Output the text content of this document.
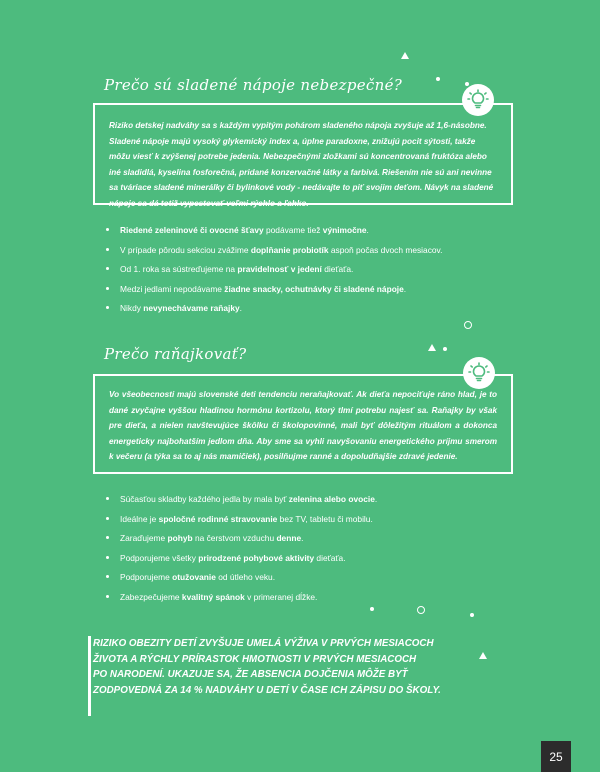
Prečo sú sladené nápoje nebezpečné?

Riziko detskej nadváhy sa s každým vypitým pohárom sladeného nápoja zvyšuje až 1,6-násobne. Sladené nápoje majú vysoký glykemický index a, úplne paradoxne, znižujú pocit sýtosti, takže môžu viesť k zvýšenej potrebe jedenia. Nebezpečnými zložkami sú koncentrovaná fruktóza alebo iné sladidlá, kyselina fosforečná, pridané konzervačné látky a farbivá. Riešením nie sú ani nevinne sa tváriace sladené minerálky či bylinkové vody - nedávajte to piť svojim deťom. Návyk na sladené nápoje sa dá totiž vypestovať veľmi rýchlo a ľahko.

Riedené zeleninové či ovocné šťavy podávame tiež výnimočne.
V prípade pôrodu sekciou zvážime doplňanie probiotík aspoň počas dvoch mesiacov.
Od 1. roka sa sústreďujeme na pravidelnosť v jedení dieťaťa.
Medzi jedlami nepodávame žiadne snacky, ochutnávky či sladené nápoje.
Nikdy nevynechávame raňajky.
Prečo raňajkovať?

Vo všeobecnosti majú slovenské deti tendenciu neraňajkovať. Ak dieťa nepociťuje ráno hlad, je to dané zvyčajne vyššou hladinou hormónu kortizolu, ktorý tlmí potrebu najesť sa. Raňajky by však pre dieťa, a nielen navštevujúce škôlku či školopovinné, mali byť dôležitým rituálom a dokonca energeticky najbohatším jedlom dňa. Aby sme sa vyhli navyšovaniu energetického príjmu smerom k večeru (a týka sa to aj nás mamičiek), posilňujme ranné a dopoludňajšie zdravé jedenie.

Súčasťou skladby každého jedla by mala byť zelenina alebo ovocie.
Ideálne je spoločné rodinné stravovanie bez TV, tabletu či mobilu.
Zaraďujeme pohyb na čerstvom vzduchu denne.
Podporujeme všetky prirodzené pohybové aktivity dieťaťa.
Podporujeme otužovanie od útleho veku.
Zabezpečujeme kvalitný spánok v primeranej dĺžke.

RIZIKO OBEZITY DETÍ ZVYŠUJE UMELÁ VÝŽIVA V PRVÝCH MESIACOCH

ŽIVOTA A RÝCHLY PRÍRASTOK HMOTNOSTI V PRVÝCH MESIACOCH

PO NARODENÍ. UKAZUJE SA, ŽE ABSENCIA DOJČENIA MÔŽE BYŤ

ZODPOVEDNÁ ZA 14 % NADVÁHY U DETÍ V ČASE ICH ZÁPISU DO ŠKOLY.

25
